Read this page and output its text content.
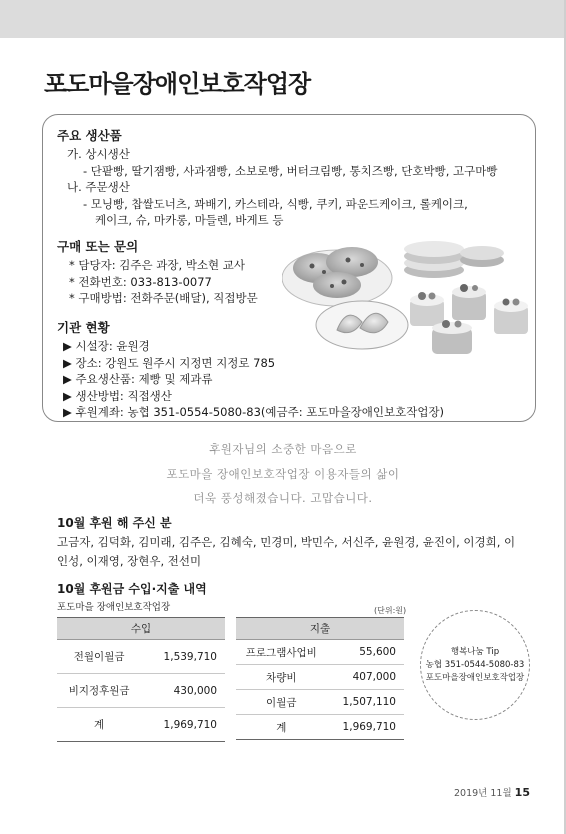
포도마을장애인보호작업장
주요 생산품
가. 상시생산
- 단팥빵, 딸기잼빵, 사과잼빵, 소보로빵, 버터크림빵, 통치즈빵, 단호박빵, 고구마빵
나. 주문생산
- 모닝빵, 찹쌀도너츠, 꽈배기, 카스테라, 식빵, 쿠키, 파운드케이크, 롤케이크,
케이크, 슈, 마카롱, 마들렌, 바게트 등
구매 또는 문의
* 담당자: 김주은 과장, 박소현 교사
* 전화번호: 033-813-0077
* 구매방법: 전화주문(배달), 직접방문
기관 현황
▶ 시설장: 윤원경
▶ 장소: 강원도 원주시 지정면 지정로 785
▶ 주요생산품: 제빵 및 제과류
▶ 생산방법: 직접생산
▶ 후원계좌: 농협 351-0554-5080-83(예금주: 포도마을장애인보호작업장)
후원자님의 소중한 마음으로
포도마을 장애인보호작업장 이용자들의 삶이
더욱 풍성해졌습니다. 고맙습니다.
10월 후원 해 주신 분
고금자, 김덕화, 김미래, 김주은, 김혜숙, 민경미, 박민수, 서신주, 윤원경, 윤진이, 이경희, 이인성, 이재영, 장현우, 전선미
10월 후원금 수입·지출 내역
포도마을 장애인보호작업장	(단위:원)
수입	
전월이월금	1,539,710
비지정후원금	430,000
계	1,969,710
지출	
프로그램사업비	55,600
차량비	407,000
이월금	1,507,110
계	1,969,710
행복나눔 Tip
농협 351-0544-5080-83
포도마을장애인보호작업장
2019년 11월 15
